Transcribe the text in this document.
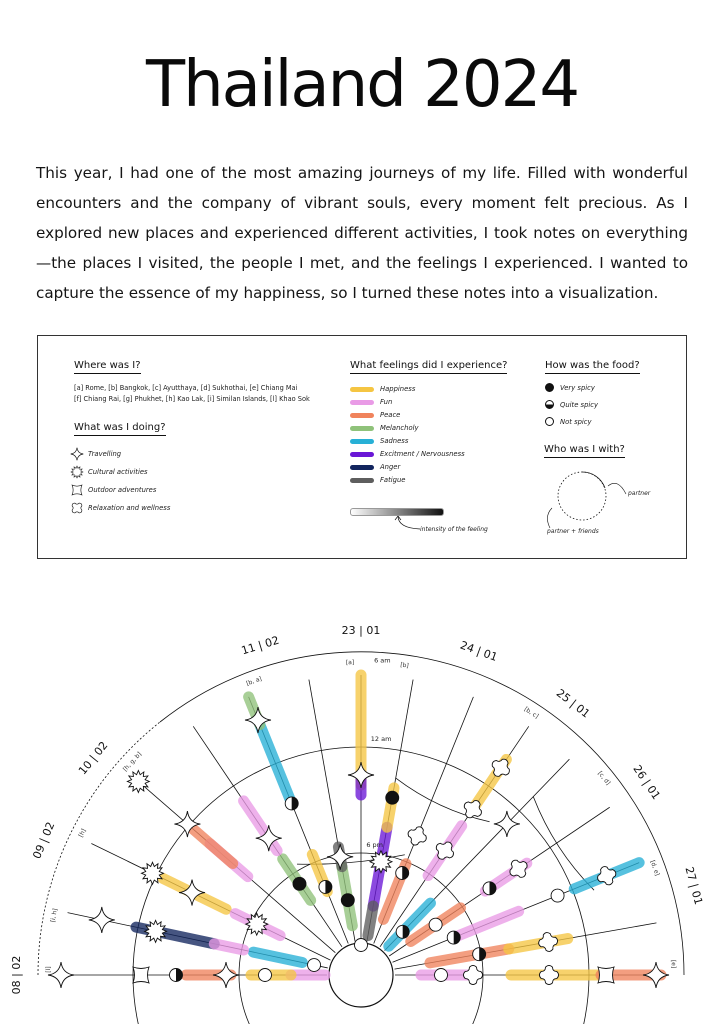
Thailand 2024

This year, I had one of the most amazing journeys of my life. Filled with wonderful encounters and the company of vibrant souls, every moment felt precious. As I explored new places and experienced different activities, I took notes on everything—the places I visited, the people I met, and the feelings I experienced. I wanted to capture the essence of my happiness, so I turned these notes into a visualization.

Where was I?
[a] Rome, [b] Bangkok, [c] Ayutthaya, [d] Sukhothai, [e] Chiang Mai
[f] Chiang Rai, [g] Phukhet, [h] Kao Lak, [i] Similan Islands, [l] Khao Sok
What was I doing?
Travelling
Cultural activities
Outdoor adventures
Relaxation and wellness
What feelings did I experience?
Happiness
Fun
Peace
Melancholy
Sadness
Excitment / Nervousness
Anger
Fatigue
intensity of the feeling
How was the food?
Very spicy
Quite spicy
Not spicy
Who was I with?
partner
partner + friends
08 | 02
09 | 02
10 | 02
11 | 02
23 | 01
24 | 01
25 | 01
26 | 01
27 | 01
[a]	[b]
[b, c]
[c, d]
[d, e]
[e]
[h, g, b]
[h]
[i, h]
[l]
[b, a]
6 am
12 am
6 pm
